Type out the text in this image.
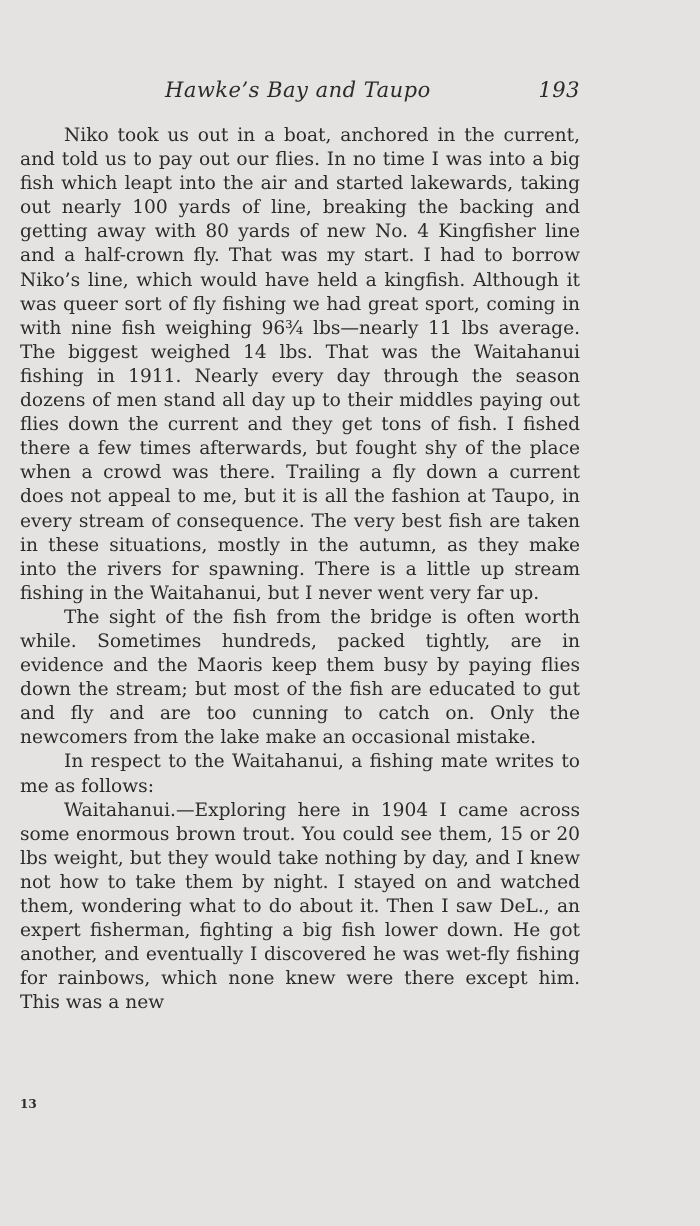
Hawke’s Bay and Taupo	193

Niko took us out in a boat, anchored in the current, and told us to pay out our flies. In no time I was into a big fish which leapt into the air and started lakewards, taking out nearly 100 yards of line, breaking the backing and getting away with 80 yards of new No. 4 Kingfisher line and a half-crown fly. That was my start. I had to borrow Niko’s line, which would have held a kingfish. Although it was queer sort of fly fishing we had great sport, coming in with nine fish weighing 96¾ lbs—nearly 11 lbs average. The biggest weighed 14 lbs. That was the Waitahanui fishing in 1911. Nearly every day through the season dozens of men stand all day up to their middles paying out flies down the current and they get tons of fish. I fished there a few times afterwards, but fought shy of the place when a crowd was there. Trailing a fly down a current does not appeal to me, but it is all the fashion at Taupo, in every stream of consequence. The very best fish are taken in these situations, mostly in the autumn, as they make into the rivers for spawning. There is a little up stream fishing in the Waitahanui, but I never went very far up.

The sight of the fish from the bridge is often worth while. Sometimes hundreds, packed tightly, are in evidence and the Maoris keep them busy by paying flies down the stream; but most of the fish are educated to gut and fly and are too cunning to catch on. Only the newcomers from the lake make an occasional mistake.

In respect to the Waitahanui, a fishing mate writes to me as follows:

Waitahanui.—Exploring here in 1904 I came across some enormous brown trout. You could see them, 15 or 20 lbs weight, but they would take nothing by day, and I knew not how to take them by night. I stayed on and watched them, wondering what to do about it. Then I saw DeL., an expert fisherman, fighting a big fish lower down. He got another, and eventually I discovered he was wet-fly fishing for rainbows, which none knew were there except him. This was a new

13
